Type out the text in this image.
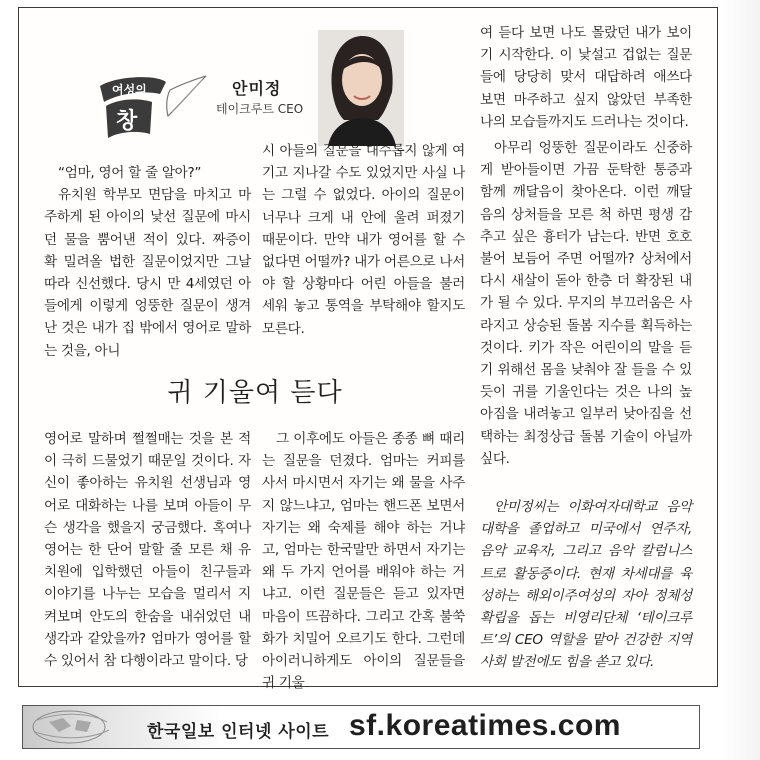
여성의
창
안미정
테이크루트 CEO

“엄마, 영어 할 줄 알아?”

유치원 학부모 면담을 마치고 마주하게 된 아이의 낯선 질문에 마시던 물을 뿜어낸 적이 있다. 짜증이 확 밀려올 법한 질문이었지만 그날따라 신선했다. 당시 만 4세였던 아들에게 이렇게 엉뚱한 질문이 생겨난 것은 내가 집 밖에서 영어로 말하는 것을, 아니

시 아들의 질문을 대수롭지 않게 여기고 지나갈 수도 있었지만 사실 나는 그럴 수 없었다. 아이의 질문이 너무나 크게 내 안에 울려 퍼졌기 때문이다. 만약 내가 영어를 할 수 없다면 어떨까? 내가 어른으로 나서야 할 상황마다 어린 아들을 불러 세워 놓고 통역을 부탁해야 할지도 모른다.

귀 기울여 듣다

영어로 말하며 쩔쩔매는 것을 본 적이 극히 드물었기 때문일 것이다. 자신이 좋아하는 유치원 선생님과 영어로 대화하는 나를 보며 아들이 무슨 생각을 했을지 궁금했다. 혹여나 영어는 한 단어 말할 줄 모른 채 유치원에 입학했던 아들이 친구들과 이야기를 나누는 모습을 멀리서 지켜보며 안도의 한숨을 내쉬었던 내 생각과 같았을까? 엄마가 영어를 할 수 있어서 참 다행이라고 말이다. 당

그 이후에도 아들은 종종 뼈 때리는 질문을 던졌다. 엄마는 커피를 사서 마시면서 자기는 왜 물을 사주지 않느냐고, 엄마는 핸드폰 보면서 자기는 왜 숙제를 해야 하는 거냐고, 엄마는 한국말만 하면서 자기는 왜 두 가지 언어를 배워야 하는 거냐고. 이런 질문들은 듣고 있자면 마음이 뜨끔하다. 그리고 간혹 불쑥 화가 치밀어 오르기도 한다. 그런데 아이러니하게도 아이의 질문들을 귀 기울

여 듣다 보면 나도 몰랐던 내가 보이기 시작한다. 이 낯설고 겁없는 질문들에 당당히 맞서 대답하려 애쓰다 보면 마주하고 싶지 않았던 부족한 나의 모습들까지도 드러나는 것이다.

아무리 엉뚱한 질문이라도 신중하게 받아들이면 가끔 둔탁한 통증과 함께 깨달음이 찾아온다. 이런 깨달음의 상처들을 모른 척 하면 평생 감추고 싶은 흉터가 남는다. 반면 호호 불어 보듬어 주면 어떨까? 상처에서 다시 새살이 돋아 한층 더 확장된 내가 될 수 있다. 무지의 부끄러움은 사라지고 상승된 돌봄 지수를 획득하는 것이다. 키가 작은 어린이의 말을 듣기 위해선 몸을 낮춰야 잘 들을 수 있듯이 귀를 기울인다는 것은 나의 높아짐을 내려놓고 일부러 낮아짐을 선택하는 최정상급 돌봄 기술이 아닐까 싶다.

안미정씨는 이화여자대학교 음악대학을 졸업하고 미국에서 연주자, 음악 교육자, 그리고 음악 칼럼니스트로 활동중이다. 현재 차세대를 육성하는 해외이주여성의 자아 정체성 확립을 돕는 비영리단체 ‘테이크루트’의 CEO 역할을 맡아 건강한 지역사회 발전에도 힘을 쏟고 있다.

한국일보 인터넷 사이트 sf.koreatimes.com
